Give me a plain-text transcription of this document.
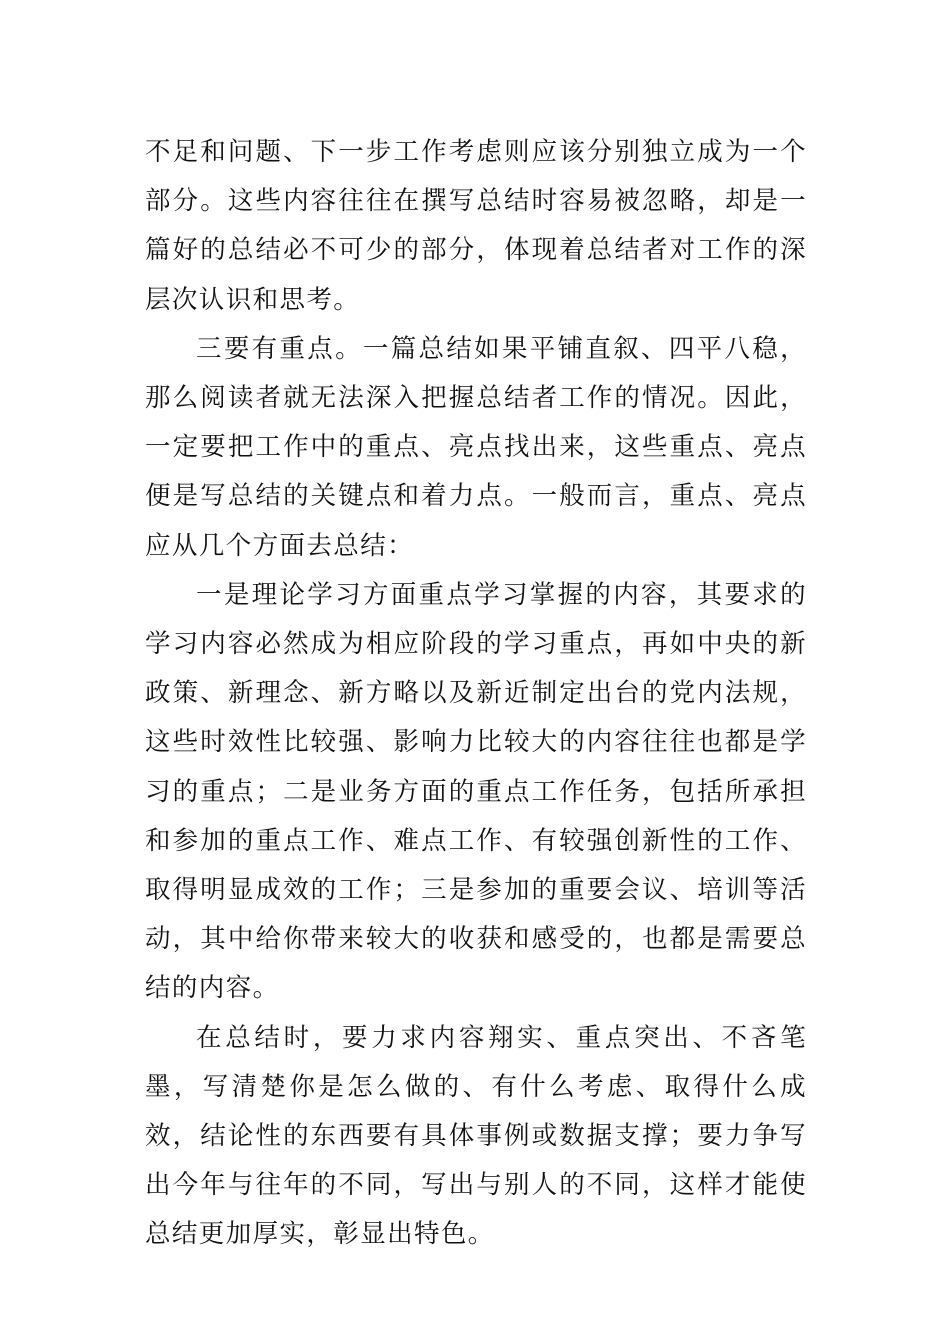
不足和问题、下一步工作考虑则应该分别独立成为一个部分。这些内容往往在撰写总结时容易被忽略，却是一篇好的总结必不可少的部分，体现着总结者对工作的深层次认识和思考。

三要有重点。一篇总结如果平铺直叙、四平八稳，那么阅读者就无法深入把握总结者工作的情况。因此，一定要把工作中的重点、亮点找出来，这些重点、亮点便是写总结的关键点和着力点。一般而言，重点、亮点应从几个方面去总结：

一是理论学习方面重点学习掌握的内容，其要求的学习内容必然成为相应阶段的学习重点，再如中央的新政策、新理念、新方略以及新近制定出台的党内法规，这些时效性比较强、影响力比较大的内容往往也都是学习的重点；二是业务方面的重点工作任务，包括所承担和参加的重点工作、难点工作、有较强创新性的工作、取得明显成效的工作；三是参加的重要会议、培训等活动，其中给你带来较大的收获和感受的，也都是需要总结的内容。

在总结时，要力求内容翔实、重点突出、不吝笔墨，写清楚你是怎么做的、有什么考虑、取得什么成效，结论性的东西要有具体事例或数据支撑；要力争写出今年与往年的不同，写出与别人的不同，这样才能使总结更加厚实，彰显出特色。
